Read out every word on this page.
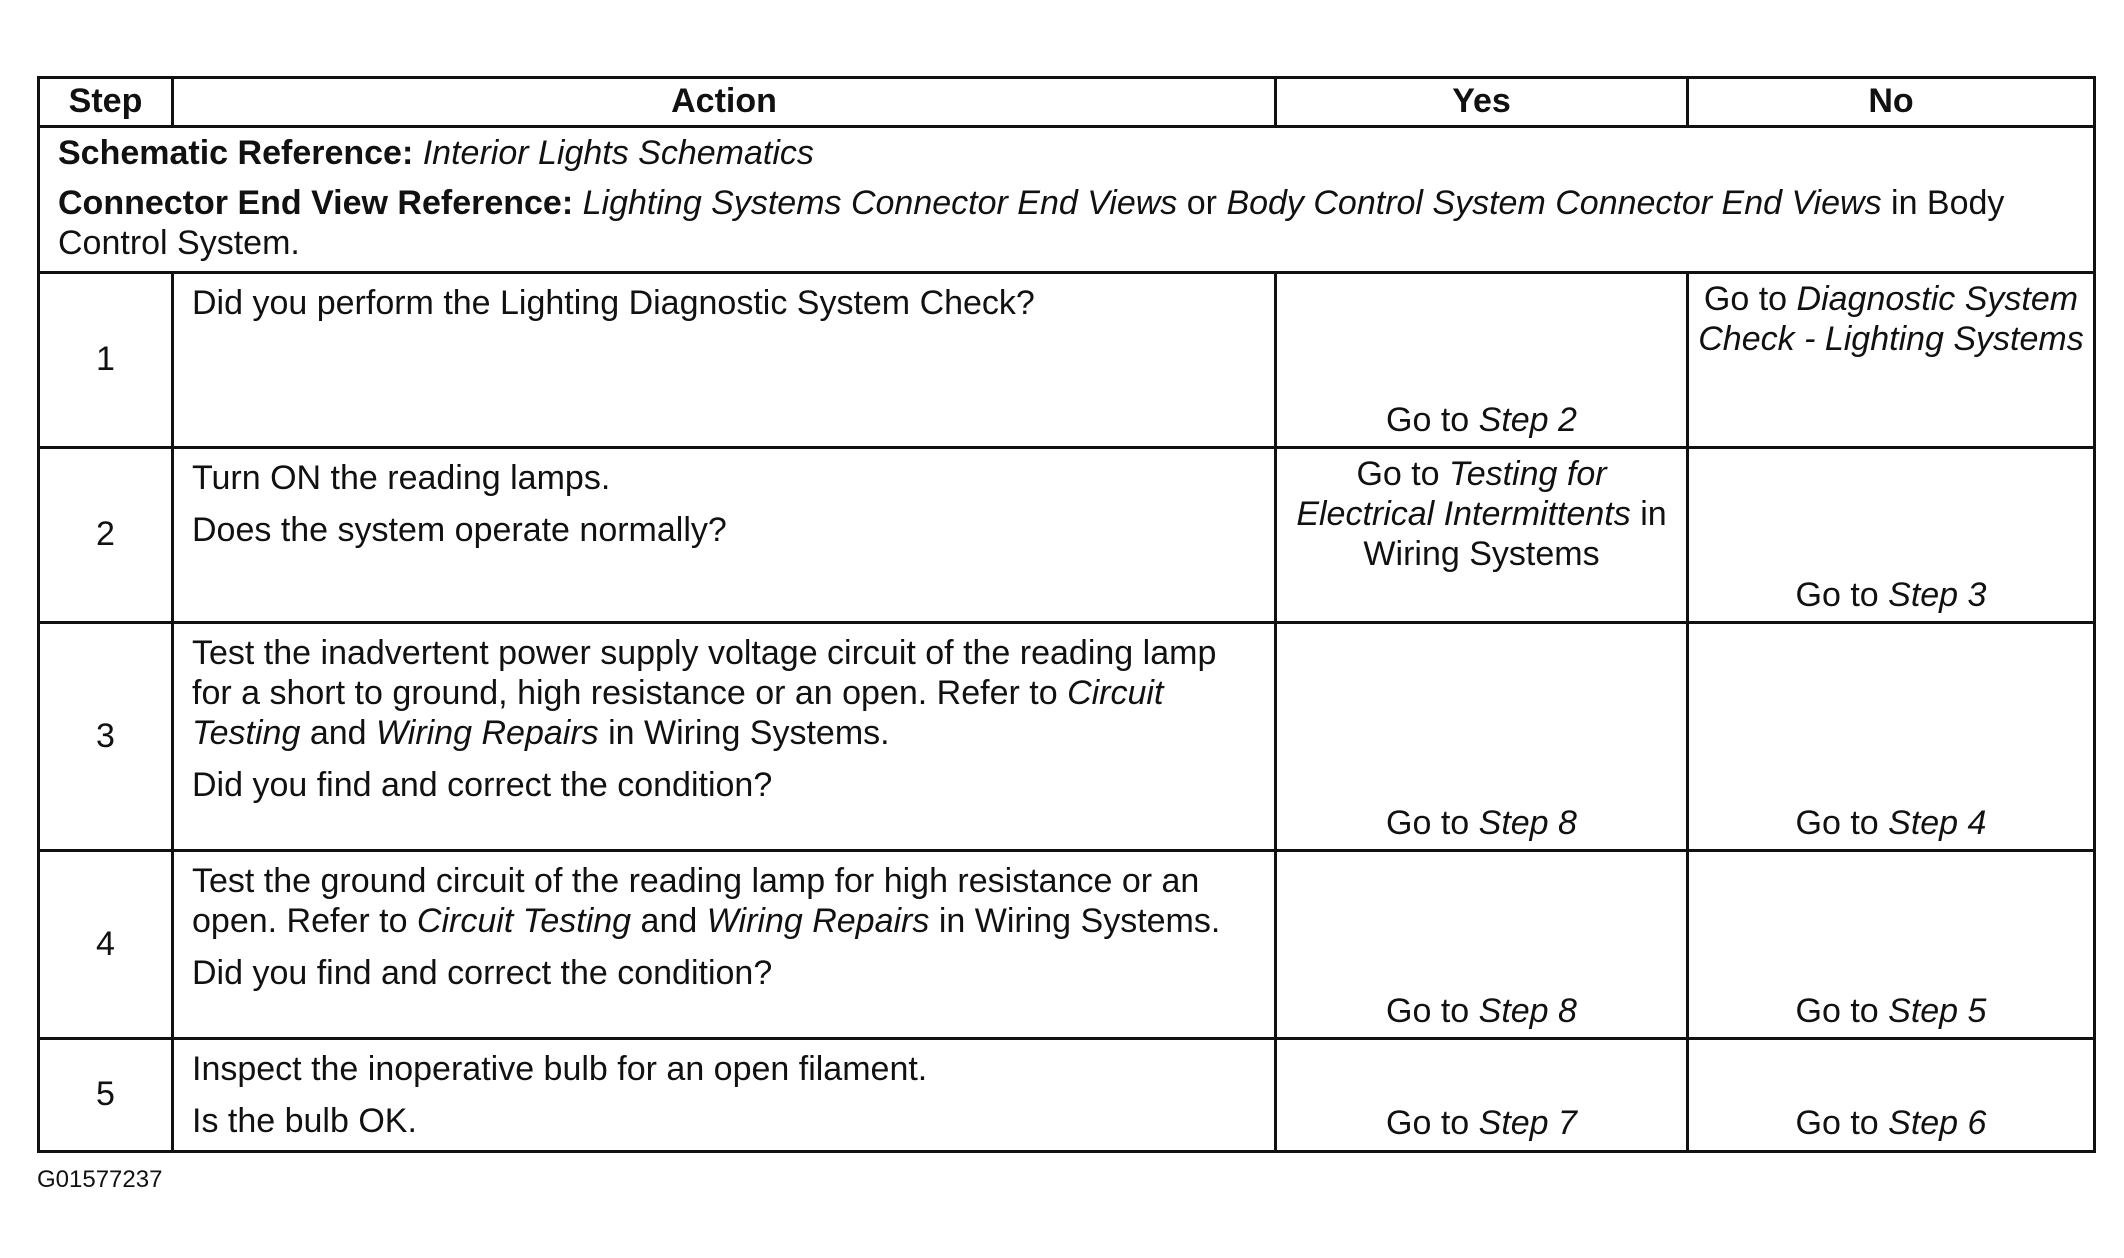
Step	Action	Yes	No

Schematic Reference: Interior Lights Schematics

Connector End View Reference: Lighting Systems Connector End Views or Body Control System Connector End Views in Body Control System.			

1	Did you perform the Lighting Diagnostic System Check?	Go to Step 2	Go to Diagnostic System Check - Lighting Systems
2	Turn ON the reading lamps.

Does the system operate normally?	Go to Testing for Electrical Intermittents in Wiring Systems	Go to Step 3
3	Test the inadvertent power supply voltage circuit of the reading lamp for a short to ground, high resistance or an open. Refer to Circuit Testing and Wiring Repairs in Wiring Systems.

Did you find and correct the condition?	Go to Step 8	Go to Step 4
4	Test the ground circuit of the reading lamp for high resistance or an open. Refer to Circuit Testing and Wiring Repairs in Wiring Systems.

Did you find and correct the condition?	Go to Step 8	Go to Step 5
5	Inspect the inoperative bulb for an open filament.

Is the bulb OK.	Go to Step 7	Go to Step 6
G01577237
